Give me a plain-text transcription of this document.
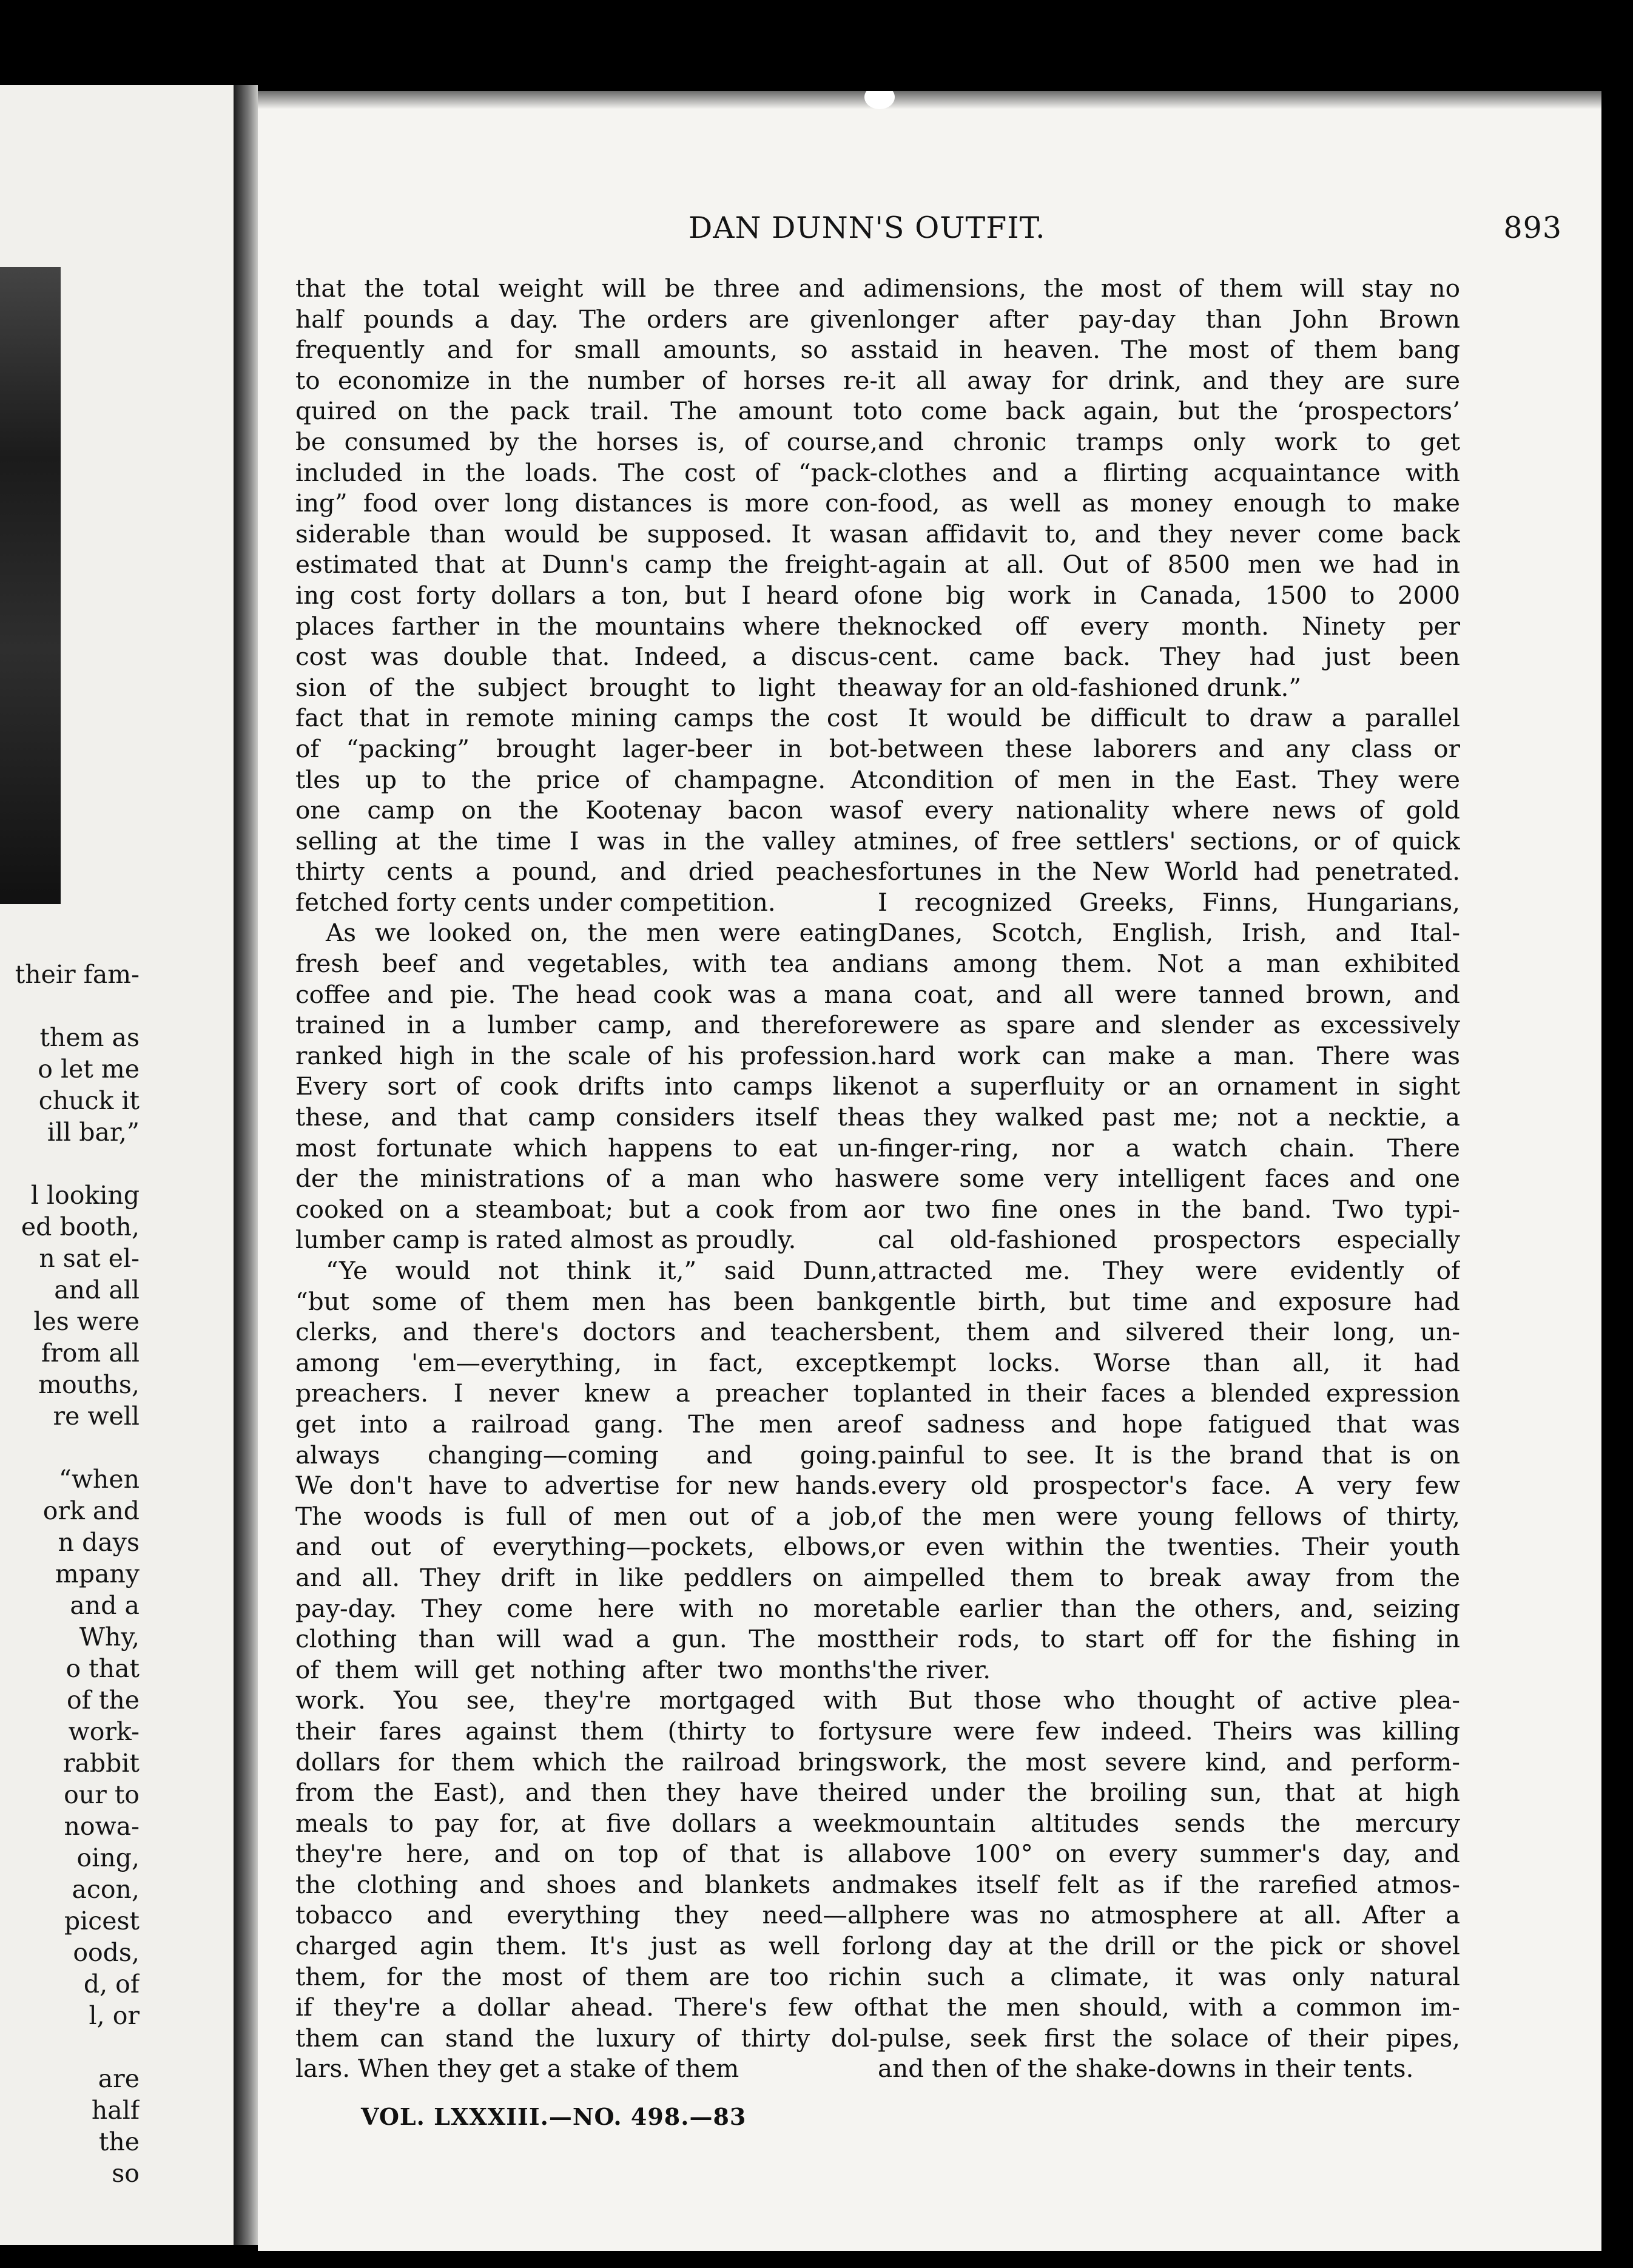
their fam-
them as
o let me
chuck it
ill bar,”
l looking
ed booth,
n sat el-
and all
les were
from all
mouths,
re well
“when
ork and
n days
mpany
and a
Why,
o that
of the
work-
rabbit
our to
nowa-
oing,
acon,
picest
oods,
d, of
l, or
are
half
the
so
DAN DUNN'S OUTFIT.	893
that the total weight will be three and a
half pounds a day. The orders are given
frequently and for small amounts, so as
to economize in the number of horses re-
quired on the pack trail. The amount to
be consumed by the horses is, of course,
included in the loads. The cost of “pack-
ing” food over long distances is more con-
siderable than would be supposed. It was
estimated that at Dunn's camp the freight-
ing cost forty dollars a ton, but I heard of
places farther in the mountains where the
cost was double that. Indeed, a discus-
sion of the subject brought to light the
fact that in remote mining camps the cost
of “packing” brought lager-beer in bot-
tles up to the price of champagne. At
one camp on the Kootenay bacon was
selling at the time I was in the valley at
thirty cents a pound, and dried peaches
fetched forty cents under competition.
As we looked on, the men were eating
fresh beef and vegetables, with tea and
coffee and pie. The head cook was a man
trained in a lumber camp, and therefore
ranked high in the scale of his profession.
Every sort of cook drifts into camps like
these, and that camp considers itself the
most fortunate which happens to eat un-
der the ministrations of a man who has
cooked on a steamboat; but a cook from a
lumber camp is rated almost as proudly.
“Ye would not think it,” said Dunn,
“but some of them men has been bank
clerks, and there's doctors and teachers
among 'em—everything, in fact, except
preachers. I never knew a preacher to
get into a railroad gang. The men are
always changing—coming and going.
We don't have to advertise for new hands.
The woods is full of men out of a job,
and out of everything—pockets, elbows,
and all. They drift in like peddlers on a
pay-day. They come here with no more
clothing than will wad a gun. The most
of them will get nothing after two months'
work. You see, they're mortgaged with
their fares against them (thirty to forty
dollars for them which the railroad brings
from the East), and then they have their
meals to pay for, at five dollars a week
they're here, and on top of that is all
the clothing and shoes and blankets and
tobacco and everything they need—all
charged agin them. It's just as well for
them, for the most of them are too rich
if they're a dollar ahead. There's few of
them can stand the luxury of thirty dol-
lars. When they get a stake of them
dimensions, the most of them will stay no
longer after pay-day than John Brown
staid in heaven. The most of them bang
it all away for drink, and they are sure
to come back again, but the ‘prospectors’
and chronic tramps only work to get
clothes and a flirting acquaintance with
food, as well as money enough to make
an affidavit to, and they never come back
again at all. Out of 8500 men we had in
one big work in Canada, 1500 to 2000
knocked off every month. Ninety per
cent. came back. They had just been
away for an old-fashioned drunk.”
It would be difficult to draw a parallel
between these laborers and any class or
condition of men in the East. They were
of every nationality where news of gold
mines, of free settlers' sections, or of quick
fortunes in the New World had penetrated.
I recognized Greeks, Finns, Hungarians,
Danes, Scotch, English, Irish, and Ital-
ians among them. Not a man exhibited
a coat, and all were tanned brown, and
were as spare and slender as excessively
hard work can make a man. There was
not a superfluity or an ornament in sight
as they walked past me; not a necktie, a
finger-ring, nor a watch chain. There
were some very intelligent faces and one
or two fine ones in the band. Two typi-
cal old-fashioned prospectors especially
attracted me. They were evidently of
gentle birth, but time and exposure had
bent, them and silvered their long, un-
kempt locks. Worse than all, it had
planted in their faces a blended expression
of sadness and hope fatigued that was
painful to see. It is the brand that is on
every old prospector's face. A very few
of the men were young fellows of thirty,
or even within the twenties. Their youth
impelled them to break away from the
table earlier than the others, and, seizing
their rods, to start off for the fishing in
the river.
But those who thought of active plea-
sure were few indeed. Theirs was killing
work, the most severe kind, and perform-
ed under the broiling sun, that at high
mountain altitudes sends the mercury
above 100° on every summer's day, and
makes itself felt as if the rarefied atmos-
phere was no atmosphere at all. After a
long day at the drill or the pick or shovel
in such a climate, it was only natural
that the men should, with a common im-
pulse, seek first the solace of their pipes,
and then of the shake-downs in their tents.
VOL. LXXXIII.—NO. 498.—83
